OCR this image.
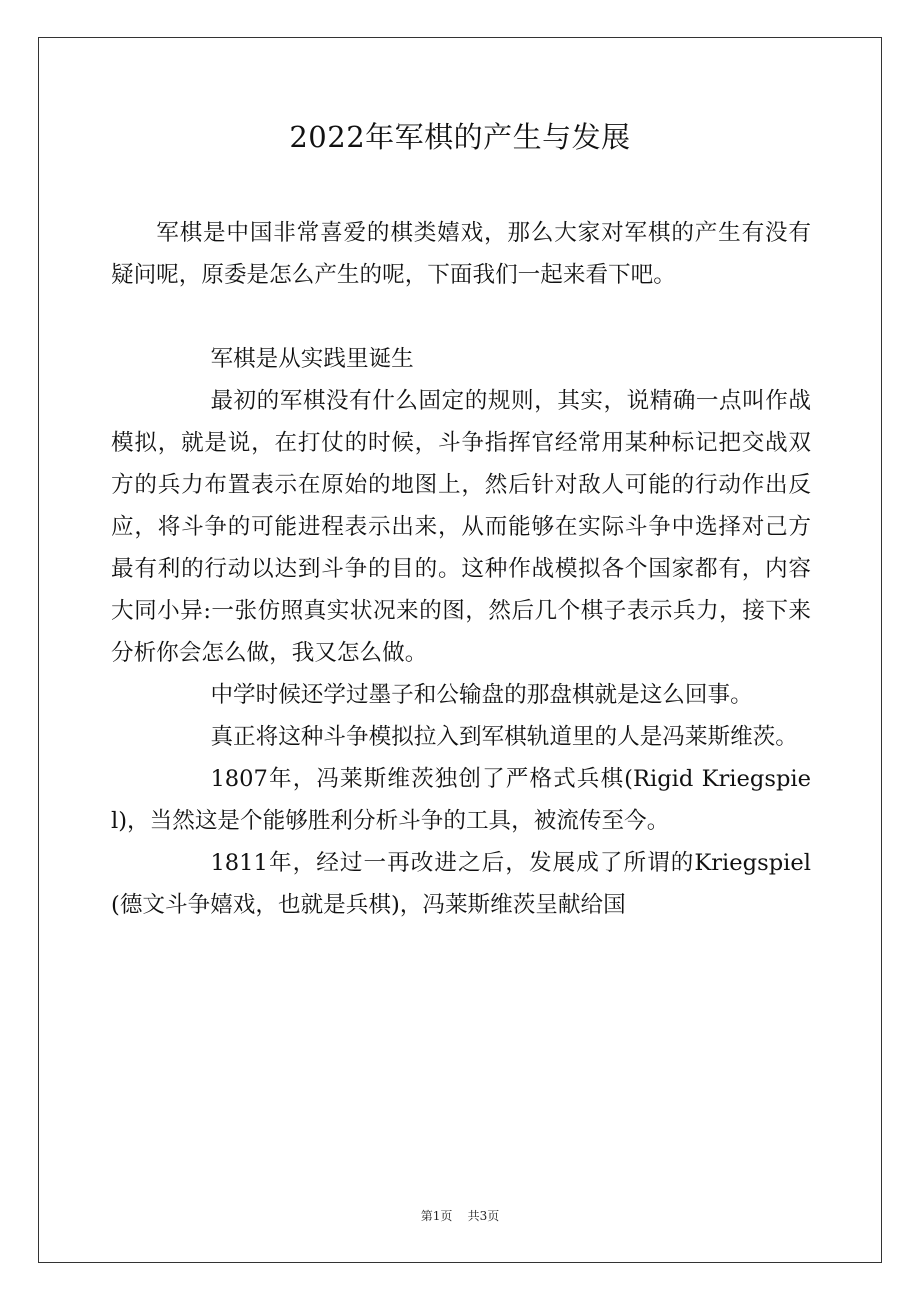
2022年军棋的产生与发展

军棋是中国非常喜爱的棋类嬉戏，那么大家对军棋的产生有没有疑问呢，原委是怎么产生的呢，下面我们一起来看下吧。

军棋是从实践里诞生

最初的军棋没有什么固定的规则，其实，说精确一点叫作战模拟，就是说，在打仗的时候，斗争指挥官经常用某种标记把交战双方的兵力布置表示在原始的地图上，然后针对敌人可能的行动作出反应，将斗争的可能进程表示出来，从而能够在实际斗争中选择对己方最有利的行动以达到斗争的目的。这种作战模拟各个国家都有，内容大同小异:一张仿照真实状况来的图，然后几个棋子表示兵力，接下来分析你会怎么做，我又怎么做。

中学时候还学过墨子和公输盘的那盘棋就是这么回事。

真正将这种斗争模拟拉入到军棋轨道里的人是冯莱斯维茨。

1807年，冯莱斯维茨独创了严格式兵棋(Rigid Kriegspiel)，当然这是个能够胜利分析斗争的工具，被流传至今。

1811年，经过一再改进之后，发展成了所谓的Kriegspiel(德文斗争嬉戏，也就是兵棋)，冯莱斯维茨呈献给国

第1页 共3页
